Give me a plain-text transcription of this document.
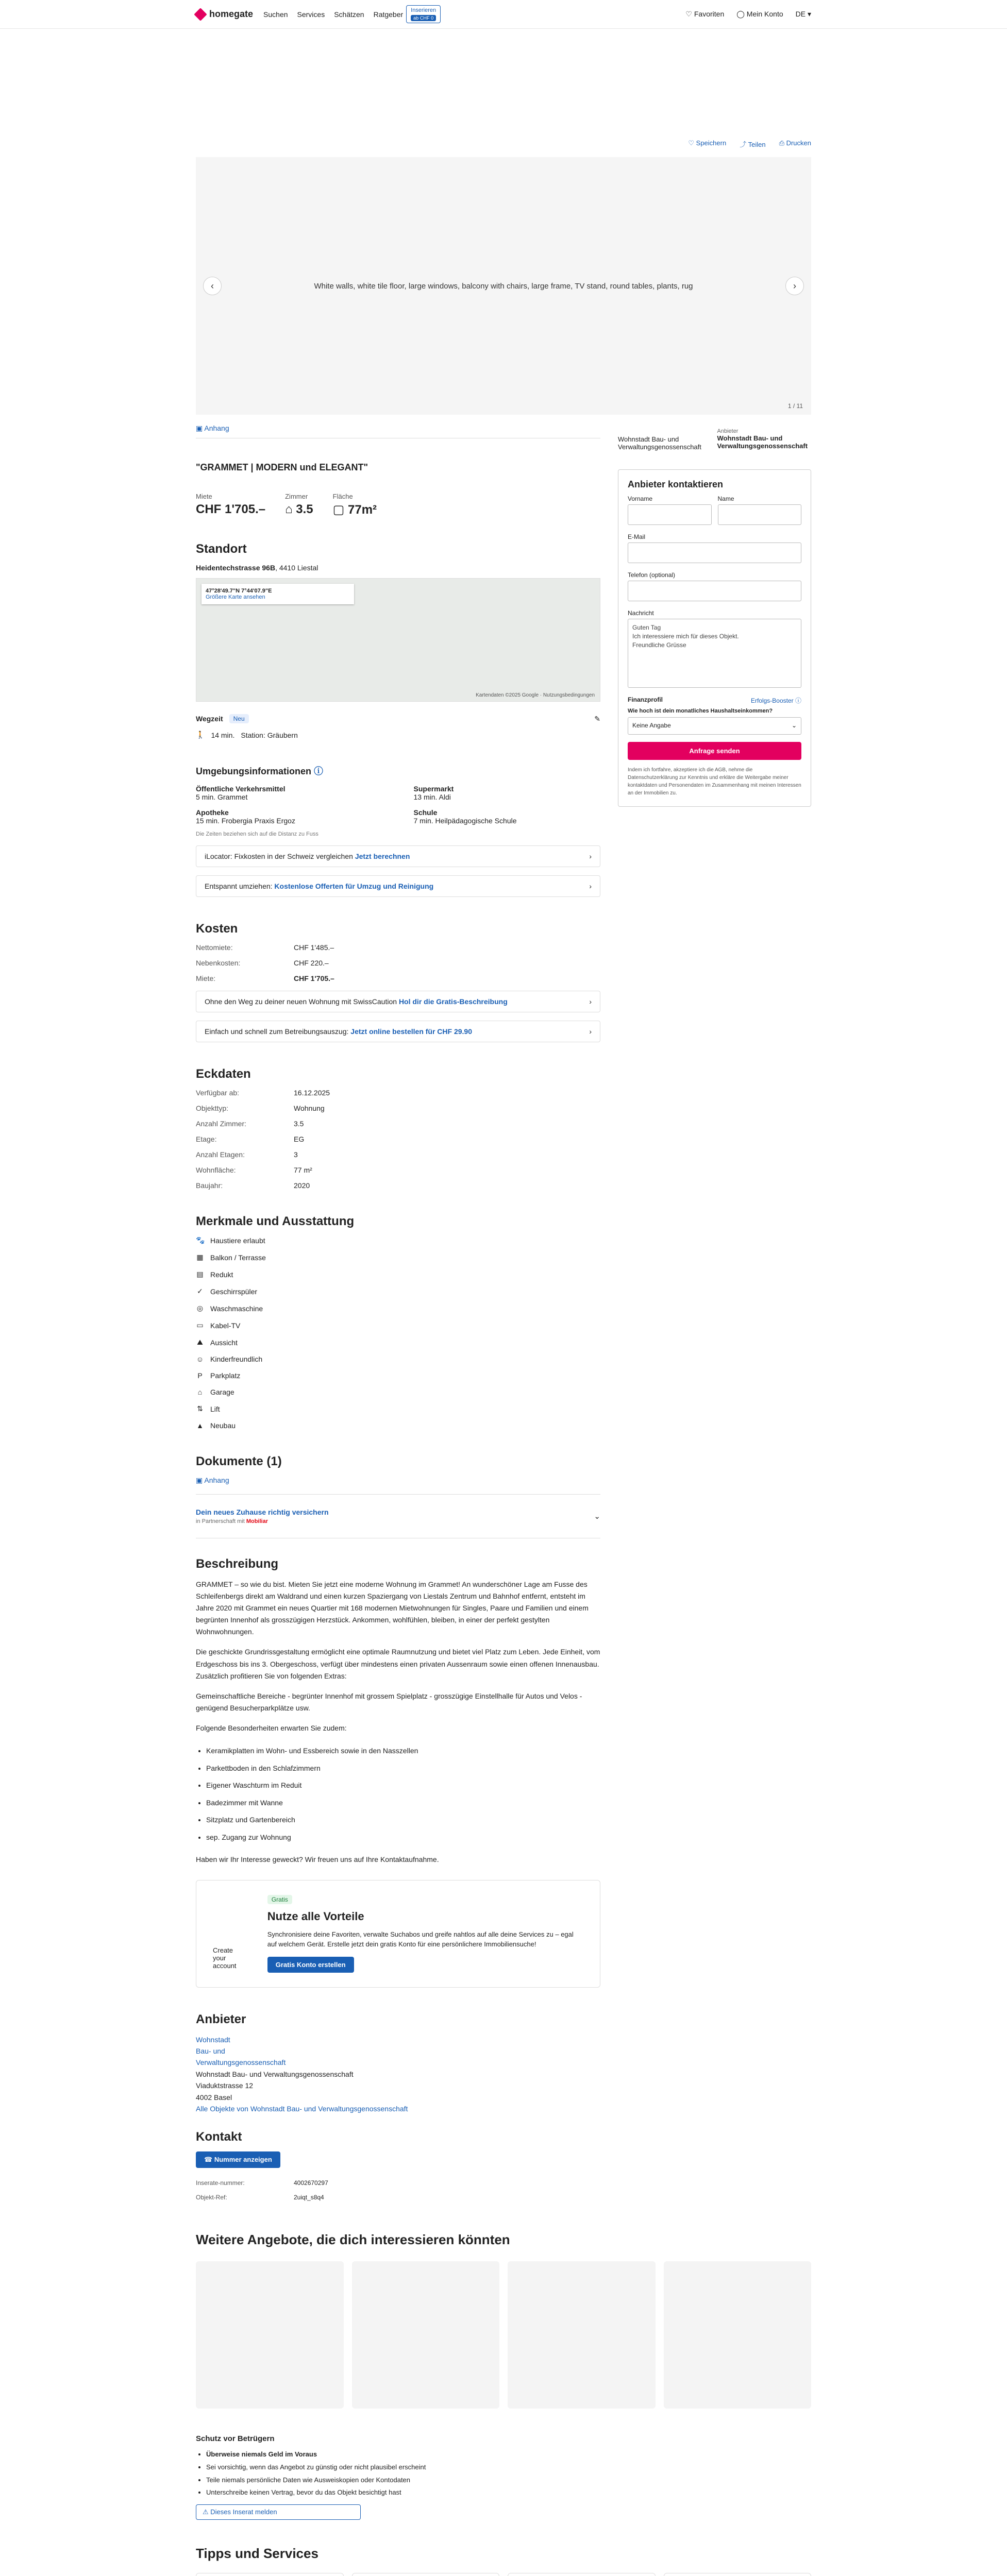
homegate Suchen Services Schätzen Ratgeber	Inserieren
ab CHF 0	♡ Favoriten ◯ Mein Konto DE ▾
♡ Speichern ⤴ Teilen ⎙ Drucken
‹	White walls, white tile floor, large windows, balcony with chairs, large frame, TV stand, round tables, plants, rug	›
1 / 11
▣ Anhang
"GRAMMET | MODERN und ELEGANT"
Miete
CHF 1'705.–
Zimmer
⌂ 3.5
Fläche
▢ 77m²
Standort
Heidentechstrasse 96B, 4410 Liestal
47°28'49.7"N 7°44'07.9"E
Größere Karte ansehen
Kartendaten ©2025 Google · Nutzungsbedingungen
Wegzeit	Neu	✎
🚶 14 min. Station: Gräubern
Umgebungsinformationen ⓘ
Öffentliche Verkehrsmittel
5 min. Grammet
Supermarkt
13 min. Aldi
Apotheke
15 min. Frobergia Praxis Ergoz
Schule
7 min. Heilpädagogische Schule
Die Zeiten beziehen sich auf die Distanz zu Fuss
iLocator: Fixkosten in der Schweiz vergleichen Jetzt berechnen	›
Entspannt umziehen: Kostenlose Offerten für Umzug und Reinigung	›
Kosten
Nettomiete:	CHF 1'485.–
Nebenkosten:	CHF 220.–
Miete:	CHF 1'705.–
Ohne den Weg zu deiner neuen Wohnung mit SwissCaution Hol dir die Gratis-Beschreibung	›
Einfach und schnell zum Betreibungsauszug: Jetzt online bestellen für CHF 29.90	›
Eckdaten
Verfügbar ab:	16.12.2025
Objekttyp:	Wohnung
Anzahl Zimmer:	3.5
Etage:	EG
Anzahl Etagen:	3
Wohnfläche:	77 m²
Baujahr:	2020
Merkmale und Ausstattung
🐾 Haustiere erlaubt
▦ Balkon / Terrasse
▤ Redukt
✓ Geschirrspüler
◎ Waschmaschine
▭ Kabel-TV
⛰ Aussicht
☺ Kinderfreundlich
P Parkplatz
⌂ Garage
⇅ Lift
▲ Neubau
Dokumente (1)
▣ Anhang
Dein neues Zuhause richtig versichern
in Partnerschaft mit Mobiliar
⌄
Beschreibung

GRAMMET – so wie du bist. Mieten Sie jetzt eine moderne Wohnung im Grammet! An wunderschöner Lage am Fusse des Schleifenbergs direkt am Waldrand und einen kurzen Spaziergang von Liestals Zentrum und Bahnhof entfernt, entsteht im Jahre 2020 mit Grammet ein neues Quartier mit 168 modernen Mietwohnungen für Singles, Paare und Familien und einem begrünten Innenhof als grosszügigen Herzstück. Ankommen, wohlfühlen, bleiben, in einer der perfekt gestylten Wohnwohnungen.

Die geschickte Grundrissgestaltung ermöglicht eine optimale Raumnutzung und bietet viel Platz zum Leben. Jede Einheit, vom Erdgeschoss bis ins 3. Obergeschoss, verfügt über mindestens einen privaten Aussenraum sowie einen offenen Innenausbau. Zusätzlich profitieren Sie von folgenden Extras:

Gemeinschaftliche Bereiche - begrünter Innenhof mit grossem Spielplatz - grosszügige Einstellhalle für Autos und Velos - genügend Besucherparkplätze usw.

Folgende Besonderheiten erwarten Sie zudem:

• Keramikplatten im Wohn- und Essbereich sowie in den Nasszellen
• Parkettboden in den Schlafzimmern
• Eigener Waschturm im Reduit
• Badezimmer mit Wanne
• Sitzplatz und Gartenbereich
• sep. Zugang zur Wohnung

Haben wir Ihr Interesse geweckt? Wir freuen uns auf Ihre Kontaktaufnahme.

Create your account
Gratis
Nutze alle Vorteile
Synchronisiere deine Favoriten, verwalte Suchabos und greife nahtlos auf alle deine Services zu – egal auf welchem Gerät. Erstelle jetzt dein gratis Konto für eine persönlichere Immobiliensuche!
Gratis Konto erstellen
Anbieter
Wohnstadt
Bau- und
Verwaltungsgenossenschaft
Wohnstadt Bau- und Verwaltungsgenossenschaft
Viaduktstrasse 12
4002 Basel
Alle Objekte von Wohnstadt Bau- und Verwaltungsgenossenschaft
Kontakt
☎ Nummer anzeigen
Inserate-nummer:	4002670297
Objekt-Ref:	2uiqt_s8q4
Wohnstadt Bau- und Verwaltungsgenossenschaft
Anbieter
Wohnstadt Bau- und Verwaltungsgenossenschaft
Anbieter kontaktieren
Vorname	Name
E-Mail
Telefon (optional)
Nachricht
Guten Tag
Ich interessiere mich für dieses Objekt.
Freundliche Grüsse
Finanzprofil	Erfolgs-Booster ⓘ
Wie hoch ist dein monatliches Haushaltseinkommen?
Keine Angabe	⌄
Anfrage senden
Indem ich fortfahre, akzeptiere ich die AGB, nehme die Datenschutzerklärung zur Kenntnis und erkläre die Weitergabe meiner kontaktdaten und Personendaten im Zusammenhang mit meinen Interessen an der Immobilien zu.
Weitere Angebote, die dich interessieren könnten
Schutz vor Betrügern
• Überweise niemals Geld im Voraus
• Sei vorsichtig, wenn das Angebot zu günstig oder nicht plausibel erscheint
• Teile niemals persönliche Daten wie Ausweiskopien oder Kontodaten
• Unterschreibe keinen Vertrag, bevor du das Objekt besichtigt hast
⚠ Dieses Inserat melden
Tipps und Services
